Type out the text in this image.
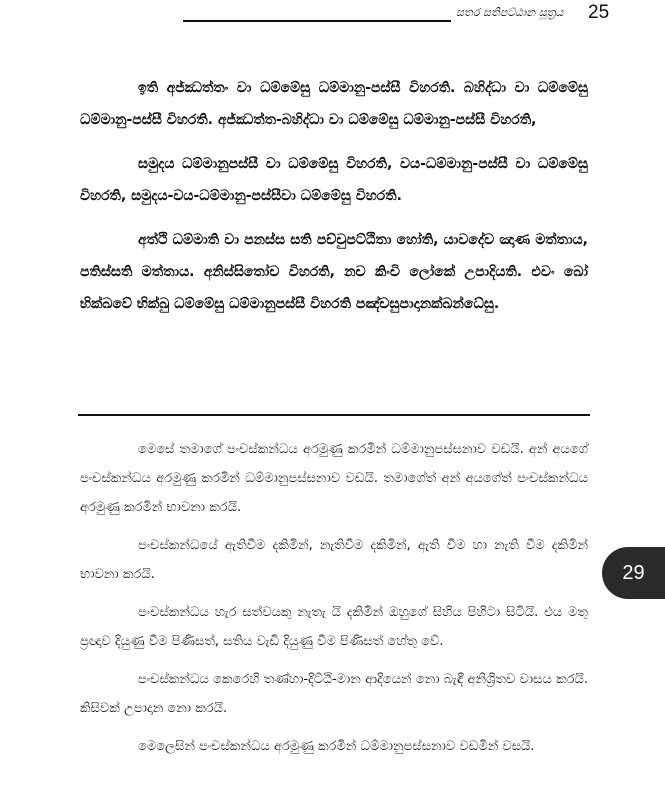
සතර සතිපට්ඨාන සූත්‍රය 25

ඉති අජ්ඣත්තං වා ධම්මේසු ධම්මානු-පස්සී විහරති. බහිද්ධා වා ධම්මේසු ධම්මානු-පස්සී විහරති. අජ්ඣත්ත-බහිද්ධා වා ධම්මේසු ධම්මානු-පස්සී විහරති,

සමුදය ධම්මානුපස්සී වා ධම්මේසු විහරති, වය-ධම්මානු-පස්සී වා ධම්මේසු විහරති, සමුදය-වය-ධම්මානු-පස්සීවා ධම්මේසු විහරති.

අත්ථි ධම්මාති වා පනස්ස සති පච්චුපට්ඨිතා හෝති, යාවදේව ඤාණ මත්තාය, පතිස්සති මත්තාය. අනිස්සිතෝච විහරති, නච කිංචි ලෝකේ උපාදියති. එවං ඛෝ භික්ඛවේ භික්ඛු ධම්මේසු ධම්මානුපස්සී විහරති පඤ්චසුපාදානක්ඛන්ධේසු.

මෙසේ තමාගේ පංචස්කන්ධය අරමුණු කරමින් ධම්මානුපස්සනාව වඩයි. අන් අයගේ පංචස්කන්ධය අරමුණු කරමින් ධම්මානුපස්සනාව වඩයි. තමාගේත් අන් අයගේත් පංචස්කන්ධය අරමුණු කරමින් භාවනා කරයි.

පංචස්කන්ධයේ ඇතිවීම දකිමින්, නැතිවීම දකිමින්, ඇති වීම හා නැති වීම දකිමින් භාවනා කරයි.

පංචස්කන්ධය හැර සත්වයකු නැතැ යි දකිමින් ඔහුගේ සිහිය පිහිටා සිටියි. එය මතු ප්‍රඥාව දියුණු වීම පිණිසත්, සතිය වැඩි දියුණු වීම පිණිසත් හේතු වේ.

පංචස්කන්ධය කෙරෙහි තණ්හා-දිට්ඨි-මාන ආදියෙන් නො බැඳී අනිශ්‍රිතව වාසය කරයි. කිසිවක් උපාදාන නො කරයි.

මෙලෙසින් පංචස්කන්ධය අරමුණු කරමින් ධම්මානුපස්සනාව වඩමින් වසයි.

29
